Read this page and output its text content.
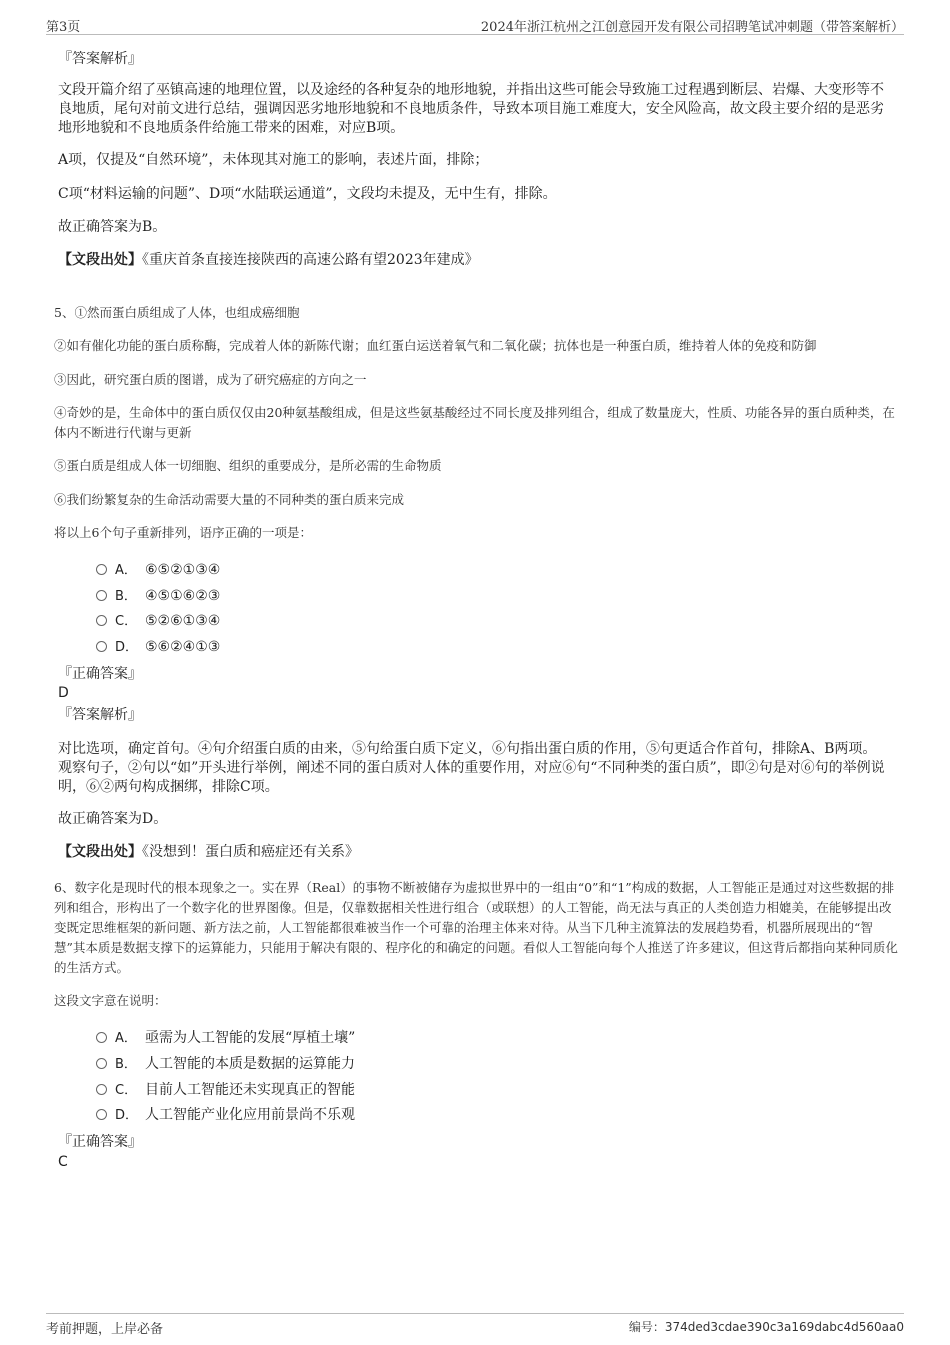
第3页	2024年浙江杭州之江创意园开发有限公司招聘笔试冲刺题（带答案解析）

『答案解析』

文段开篇介绍了巫镇高速的地理位置，以及途经的各种复杂的地形地貌，并指出这些可能会导致施工过程遇到断层、岩爆、大变形等不良地质，尾句对前文进行总结，强调因恶劣地形地貌和不良地质条件，导致本项目施工难度大，安全风险高，故文段主要介绍的是恶劣地形地貌和不良地质条件给施工带来的困难，对应B项。

A项，仅提及“自然环境”，未体现其对施工的影响，表述片面，排除；

C项“材料运输的问题”、D项“水陆联运通道”，文段均未提及，无中生有，排除。

故正确答案为B。

【文段出处】《重庆首条直接连接陕西的高速公路有望2023年建成》

5、①然而蛋白质组成了人体，也组成癌细胞

②如有催化功能的蛋白质称酶，完成着人体的新陈代谢；血红蛋白运送着氧气和二氧化碳；抗体也是一种蛋白质，维持着人体的免疫和防御

③因此，研究蛋白质的图谱，成为了研究癌症的方向之一

④奇妙的是，生命体中的蛋白质仅仅由20种氨基酸组成，但是这些氨基酸经过不同长度及排列组合，组成了数量庞大，性质、功能各异的蛋白质种类，在体内不断进行代谢与更新

⑤蛋白质是组成人体一切细胞、组织的重要成分，是所必需的生命物质

⑥我们纷繁复杂的生命活动需要大量的不同种类的蛋白质来完成

将以上6个句子重新排列，语序正确的一项是：

A． ⑥⑤②①③④
B． ④⑤①⑥②③
C． ⑤②⑥①③④
D． ⑤⑥②④①③

『正确答案』

D

『答案解析』

对比选项，确定首句。④句介绍蛋白质的由来，⑤句给蛋白质下定义，⑥句指出蛋白质的作用，⑤句更适合作首句，排除A、B两项。观察句子，②句以“如”开头进行举例，阐述不同的蛋白质对人体的重要作用，对应⑥句“不同种类的蛋白质”，即②句是对⑥句的举例说明，⑥②两句构成捆绑，排除C项。

故正确答案为D。

【文段出处】《没想到！蛋白质和癌症还有关系》

6、数字化是现时代的根本现象之一。实在界（Real）的事物不断被储存为虚拟世界中的一组由“0”和“1”构成的数据，人工智能正是通过对这些数据的排列和组合，形构出了一个数字化的世界图像。但是，仅靠数据相关性进行组合（或联想）的人工智能，尚无法与真正的人类创造力相媲美，在能够提出改变既定思维框架的新问题、新方法之前，人工智能都很难被当作一个可靠的治理主体来对待。从当下几种主流算法的发展趋势看，机器所展现出的“智慧”其本质是数据支撑下的运算能力，只能用于解决有限的、程序化的和确定的问题。看似人工智能向每个人推送了许多建议，但这背后都指向某种同质化的生活方式。

这段文字意在说明：

A． 亟需为人工智能的发展“厚植土壤”
B． 人工智能的本质是数据的运算能力
C． 目前人工智能还未实现真正的智能
D． 人工智能产业化应用前景尚不乐观

『正确答案』

C

考前押题，上岸必备	编号：374ded3cdae390c3a169dabc4d560aa0
